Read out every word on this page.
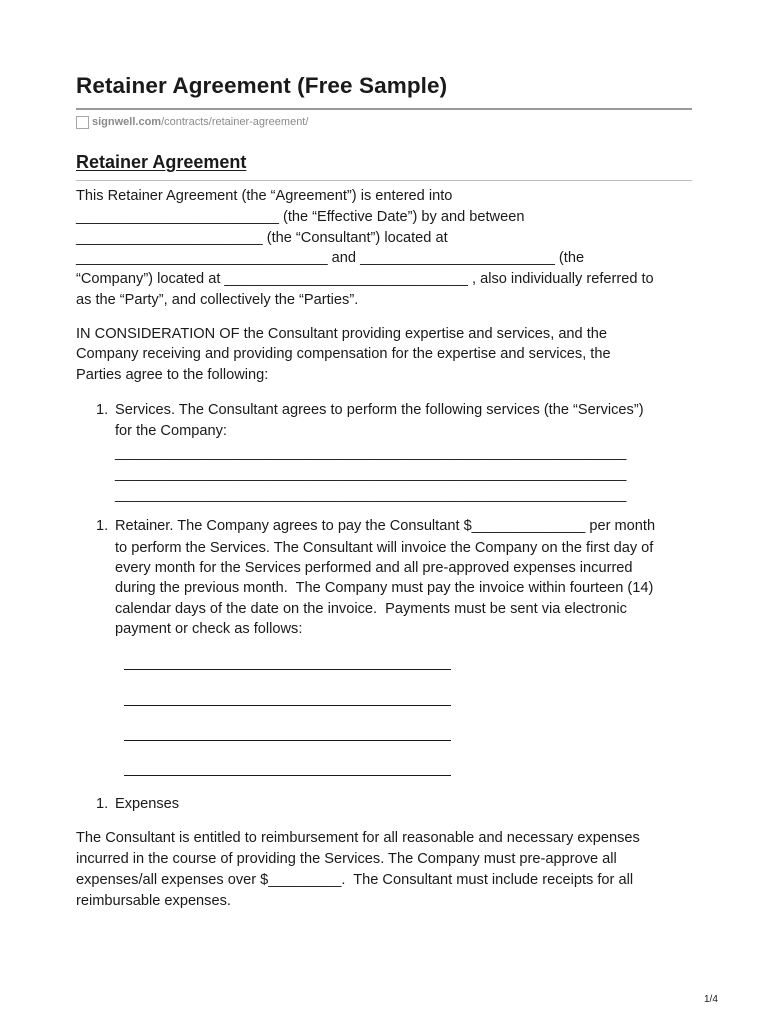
Retainer Agreement (Free Sample)
signwell.com /contracts/retainer-agreement/
Retainer Agreement
This Retainer Agreement (the “Agreement”) is entered into
_________________________ (the “Effective Date”) by and between
_______________________ (the “Consultant”) located at
_______________________________ and ________________________ (the
“Company”) located at ______________________________ , also individually referred to
as the “Party”, and collectively the “Parties”.
IN CONSIDERATION OF the Consultant providing expertise and services, and the
Company receiving and providing compensation for the expertise and services, the
Parties agree to the following:
1. Services. The Consultant agrees to perform the following services (the “Services”)
for the Company:
_______________________________________________________________
_______________________________________________________________
_______________________________________________________________
1. Retainer. The Company agrees to pay the Consultant $______________ per month
to perform the Services. The Consultant will invoice the Company on the first day of
every month for the Services performed and all pre-approved expenses incurred
during the previous month.  The Company must pay the invoice within fourteen (14)
calendar days of the date on the invoice.  Payments must be sent via electronic
payment or check as follows:
1. Expenses
The Consultant is entitled to reimbursement for all reasonable and necessary expenses
incurred in the course of providing the Services. The Company must pre-approve all
expenses/all expenses over $_________.  The Consultant must include receipts for all
reimbursable expenses.
1/4
